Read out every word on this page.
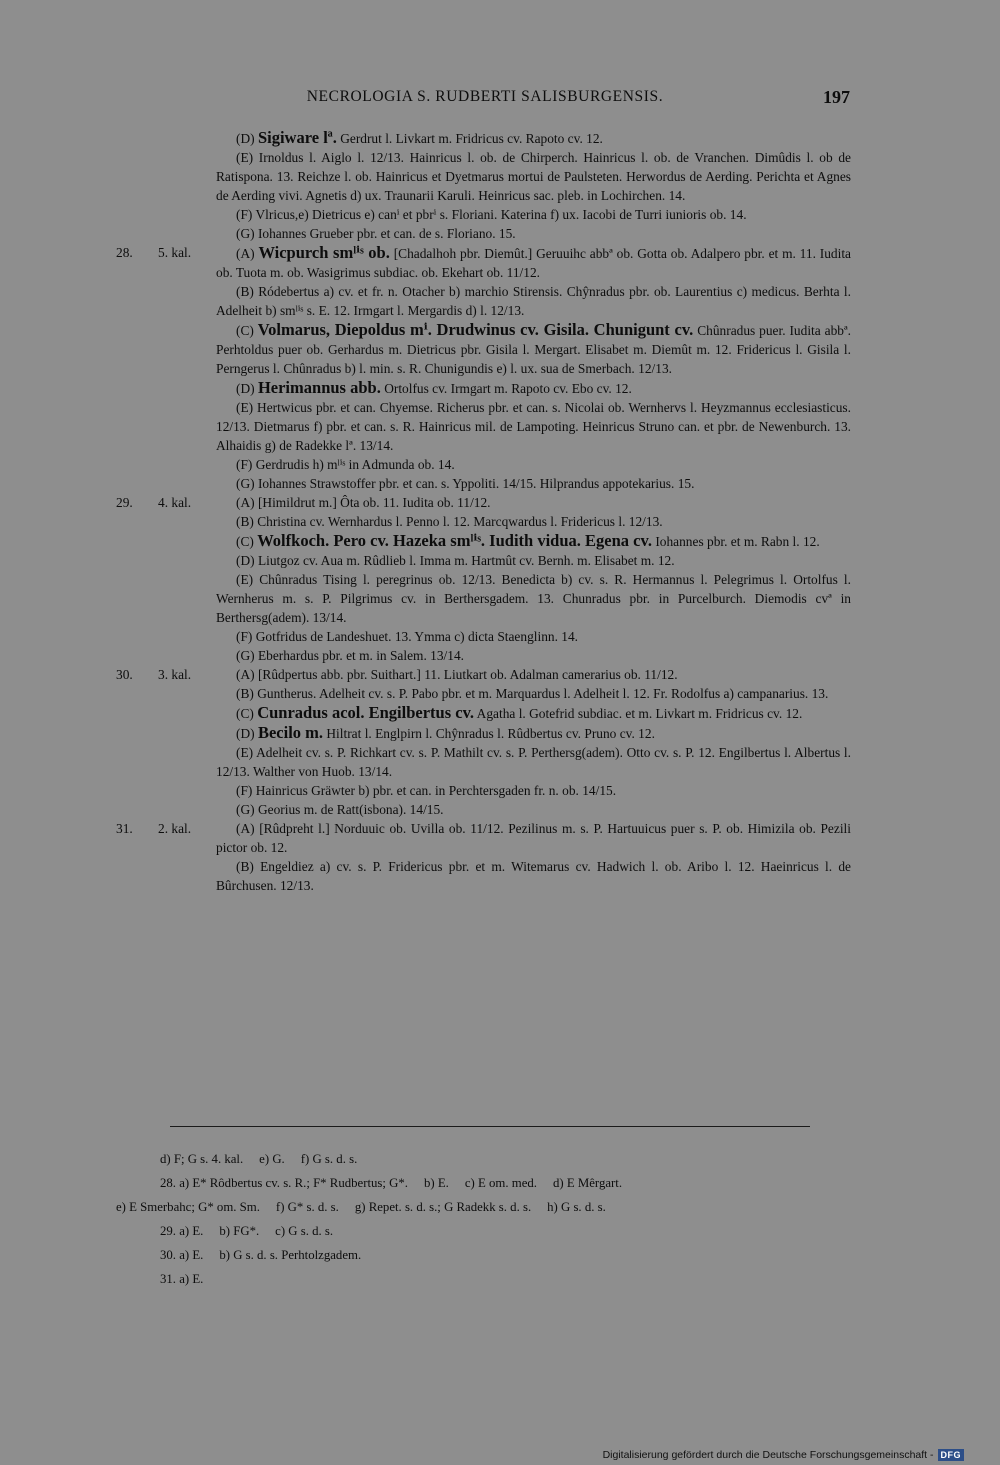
NECROLOGIA S. RUDBERTI SALISBURGENSIS.	197

(D) Sigiware lª. Gerdrut l. Livkart m. Fridricus cv. Rapoto cv. 12.

(E) Irnoldus l. Aiglo l. 12/13. Hainricus l. ob. de Chirperch. Hainricus l. ob. de Vranchen. Dimûdis l. ob de Ratispona. 13. Reichze l. ob. Hainricus et Dyetmarus mortui de Paulsteten. Herwordus de Aerding. Perichta et Agnes de Aerding vivi. Agnetis d) ux. Traunarii Karuli. Heinricus sac. pleb. in Lochirchen. 14.

(F) Vlricus,e) Dietricus e) canⁱ et pbrⁱ s. Floriani. Katerina f) ux. Iacobi de Turri iunioris ob. 14.

(G) Iohannes Grueber pbr. et can. de s. Floriano. 15.

28. 5. kal.	(A) Wicpurch smˡⁱˢ ob. [Chadalhoh pbr. Diemût.] Geruuihc abbª ob. Gotta ob. Adalpero pbr. et m. 11. Iudita ob. Tuota m. ob. Wasigrimus subdiac. ob. Ekehart ob. 11/12.

(B) Ródebertus a) cv. et fr. n. Otacher b) marchio Stirensis. Chŷnradus pbr. ob. Laurentius c) medicus. Berhta l. Adelheit b) smˡⁱˢ s. E. 12. Irmgart l. Mergardis d) l. 12/13.

(C) Volmarus, Diepoldus mⁱ. Drudwinus cv. Gisila. Chunigunt cv. Chûnradus puer. Iudita abbª. Perhtoldus puer ob. Gerhardus m. Dietricus pbr. Gisila l. Mergart. Elisabet m. Diemût m. 12. Fridericus l. Gisila l. Perngerus l. Chûnradus b) l. min. s. R. Chunigundis e) l. ux. sua de Smerbach. 12/13.

(D) Herimannus abb. Ortolfus cv. Irmgart m. Rapoto cv. Ebo cv. 12.

(E) Hertwicus pbr. et can. Chyemse. Richerus pbr. et can. s. Nicolai ob. Wernhervs l. Heyzmannus ecclesiasticus. 12/13. Dietmarus f) pbr. et can. s. R. Hainricus mil. de Lampoting. Heinricus Struno can. et pbr. de Newenburch. 13. Alhaidis g) de Radekke lª. 13/14.

(F) Gerdrudis h) mˡⁱˢ in Admunda ob. 14.

(G) Iohannes Strawstoffer pbr. et can. s. Yppoliti. 14/15. Hilprandus appotekarius. 15.

29. 4. kal.	(A) [Himildrut m.] Ôta ob. 11. Iudita ob. 11/12.

(B) Christina cv. Wernhardus l. Penno l. 12. Marcqwardus l. Fridericus l. 12/13.

(C) Wolfkoch. Pero cv. Hazeka smˡⁱˢ. Iudith vidua. Egena cv. Iohannes pbr. et m. Rabn l. 12.

(D) Liutgoz cv. Aua m. Rûdlieb l. Imma m. Hartmût cv. Bernh. m. Elisabet m. 12.

(E) Chûnradus Tising l. peregrinus ob. 12/13. Benedicta b) cv. s. R. Hermannus l. Pelegrimus l. Ortolfus l. Wernherus m. s. P. Pilgrimus cv. in Berthersgadem. 13. Chunradus pbr. in Purcelburch. Diemodis cvª in Berthersg(adem). 13/14.

(F) Gotfridus de Landeshuet. 13. Ymma c) dicta Staenglinn. 14.

(G) Eberhardus pbr. et m. in Salem. 13/14.

30. 3. kal.	(A) [Rûdpertus abb. pbr. Suithart.] 11. Liutkart ob. Adalman camerarius ob. 11/12.

(B) Guntherus. Adelheit cv. s. P. Pabo pbr. et m. Marquardus l. Adelheit l. 12. Fr. Rodolfus a) campanarius. 13.

(C) Cunradus acol. Engilbertus cv. Agatha l. Gotefrid subdiac. et m. Livkart m. Fridricus cv. 12.

(D) Becilo m. Hiltrat l. Englpirn l. Chŷnradus l. Rûdbertus cv. Pruno cv. 12.

(E) Adelheit cv. s. P. Richkart cv. s. P. Mathilt cv. s. P. Perthersg(adem). Otto cv. s. P. 12. Engilbertus l. Albertus l. 12/13. Walther von Huob. 13/14.

(F) Hainricus Gräwter b) pbr. et can. in Perchtersgaden fr. n. ob. 14/15.

(G) Georius m. de Ratt(isbona). 14/15.

31. 2. kal.	(A) [Rûdpreht l.] Norduuic ob. Uvilla ob. 11/12. Pezilinus m. s. P. Hartuuicus puer s. P. ob. Himizila ob. Pezili pictor ob. 12.

(B) Engeldiez a) cv. s. P. Fridericus pbr. et m. Witemarus cv. Hadwich l. ob. Aribo l. 12. Haeinricus l. de Bûrchusen. 12/13.

d) F; G s. 4. kal.     e) G.     f) G s. d. s.

28. a) E* Rôdbertus cv. s. R.; F* Rudbertus; G*.     b) E.     c) E om. med.     d) E Mêrgart.

e) E Smerbahc; G* om. Sm.     f) G* s. d. s.     g) Repet. s. d. s.; G Radekk s. d. s.     h) G s. d. s.

29. a) E.     b) FG*.     c) G s. d. s.

30. a) E.     b) G s. d. s. Perhtolzgadem.

31. a) E.

Digitalisierung gefördert durch die Deutsche Forschungsgemeinschaft - DFG
